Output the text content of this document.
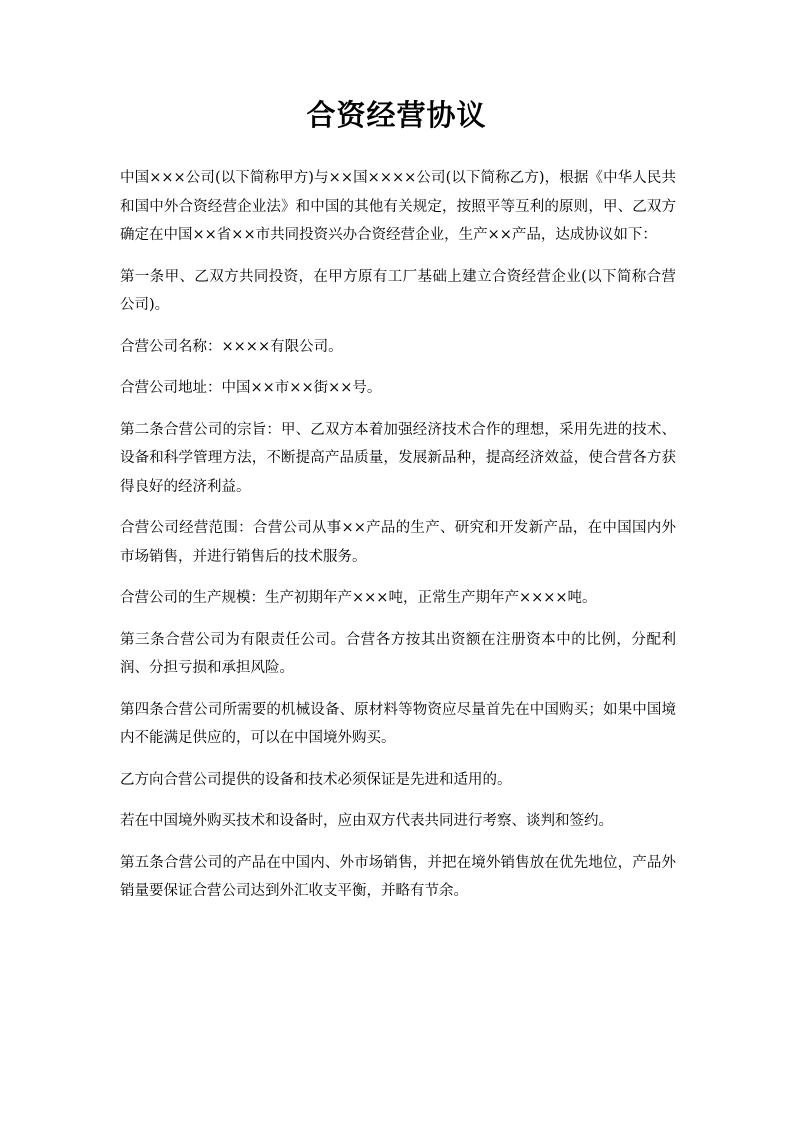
合资经营协议

中国×××公司(以下简称甲方)与××国××××公司(以下简称乙方)，根据《中华人民共和国中外合资经营企业法》和中国的其他有关规定，按照平等互利的原则，甲、乙双方确定在中国××省××市共同投资兴办合资经营企业，生产××产品，达成协议如下：

第一条甲、乙双方共同投资，在甲方原有工厂基础上建立合资经营企业(以下简称合营公司)。

合营公司名称：××××有限公司。

合营公司地址：中国××市××街××号。

第二条合营公司的宗旨：甲、乙双方本着加强经济技术合作的理想，采用先进的技术、设备和科学管理方法，不断提高产品质量，发展新品种，提高经济效益，使合营各方获得良好的经济利益。

合营公司经营范围：合营公司从事××产品的生产、研究和开发新产品，在中国国内外市场销售，并进行销售后的技术服务。

合营公司的生产规模：生产初期年产×××吨，正常生产期年产××××吨。

第三条合营公司为有限责任公司。合营各方按其出资额在注册资本中的比例，分配利润、分担亏损和承担风险。

第四条合营公司所需要的机械设备、原材料等物资应尽量首先在中国购买；如果中国境内不能满足供应的，可以在中国境外购买。

乙方向合营公司提供的设备和技术必须保证是先进和适用的。

若在中国境外购买技术和设备时，应由双方代表共同进行考察、谈判和签约。

第五条合营公司的产品在中国内、外市场销售，并把在境外销售放在优先地位，产品外销量要保证合营公司达到外汇收支平衡，并略有节余。
